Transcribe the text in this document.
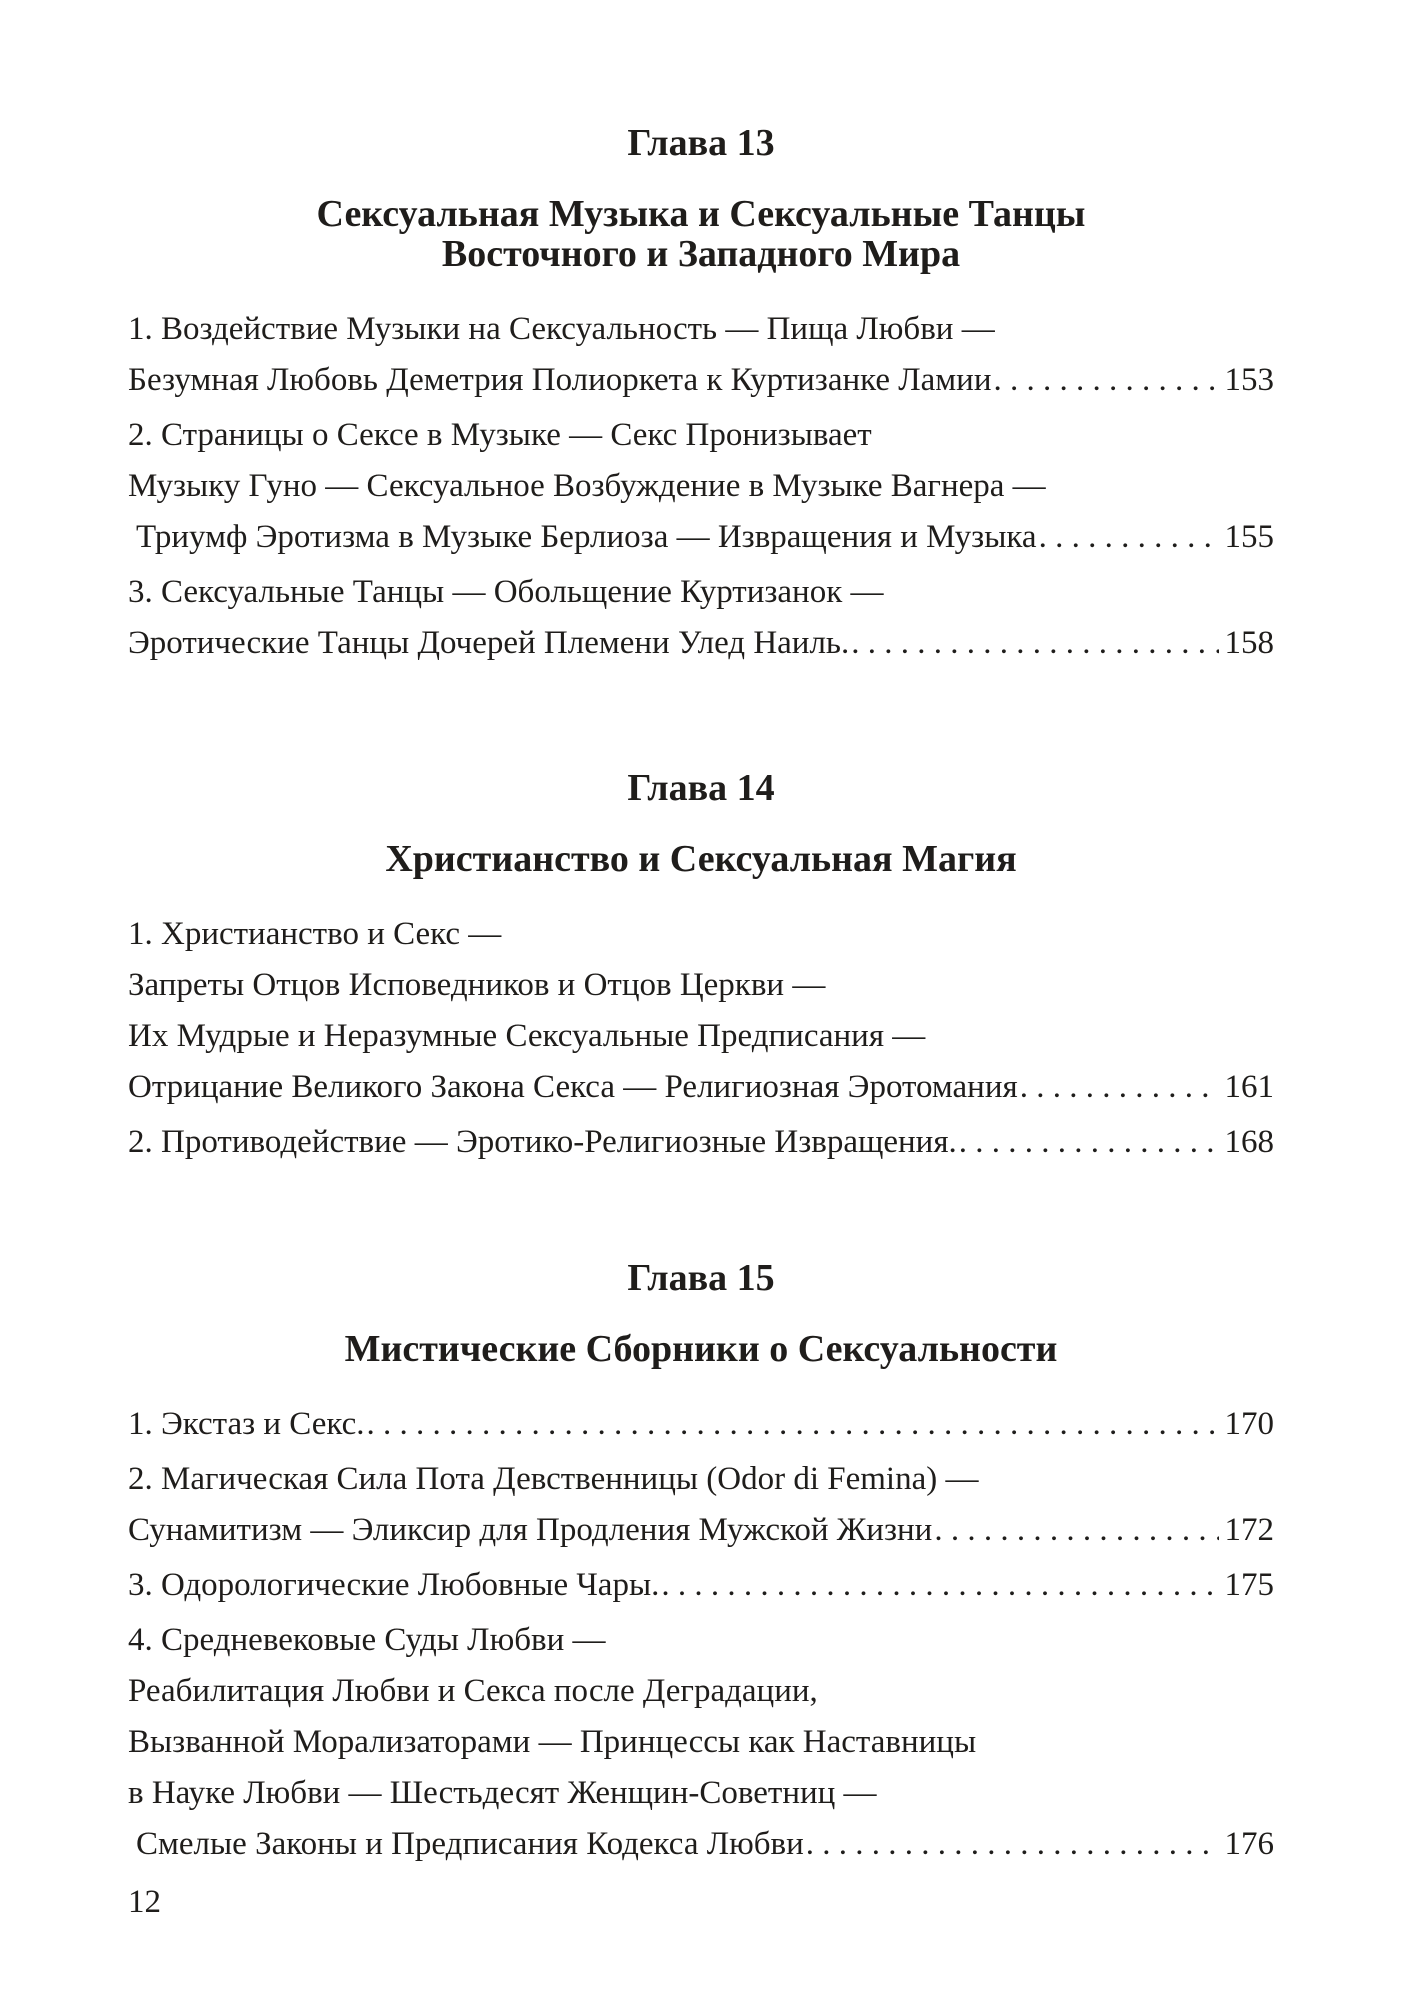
Глава 13
Сексуальная Музыка и Сексуальные Танцы
Восточного и Западного Мира
1. Воздействие Музыки на Сексуальность — Пища Любви —
Безумная Любовь Деметрия Полиоркета к Куртизанке Ламии . . .	153
2. Страницы о Сексе в Музыке — Секс Пронизывает
Музыку Гуно — Сексуальное Возбуждение в Музыке Вагнера —
Триумф Эротизма в Музыке Берлиоза — Извращения и Музыка . . .	155
3. Сексуальные Танцы — Обольщение Куртизанок —
Эротические Танцы Дочерей Племени Улед Наиль. . . .	158
Глава 14
Христианство и Сексуальная Магия
1. Христианство и Секс —
Запреты Отцов Исповедников и Отцов Церкви —
Их Мудрые и Неразумные Сексуальные Предписания —
Отрицание Великого Закона Секса — Религиозная Эротомания . . .	161
2. Противодействие — Эротико-Религиозные Извращения. . . .	168
Глава 15
Мистические Сборники о Сексуальности
1. Экстаз и Секс. . . .	170
2. Магическая Сила Пота Девственницы (Odor di Femina) —
Сунамитизм — Эликсир для Продления Мужской Жизни . . .	172
3. Одорологические Любовные Чары. . . .	175
4. Средневековые Суды Любви —
Реабилитация Любви и Секса после Деградации,
Вызванной Морализаторами — Принцессы как Наставницы
в Науке Любви — Шестьдесят Женщин-Советниц —
Смелые Законы и Предписания Кодекса Любви . . .	176
12
